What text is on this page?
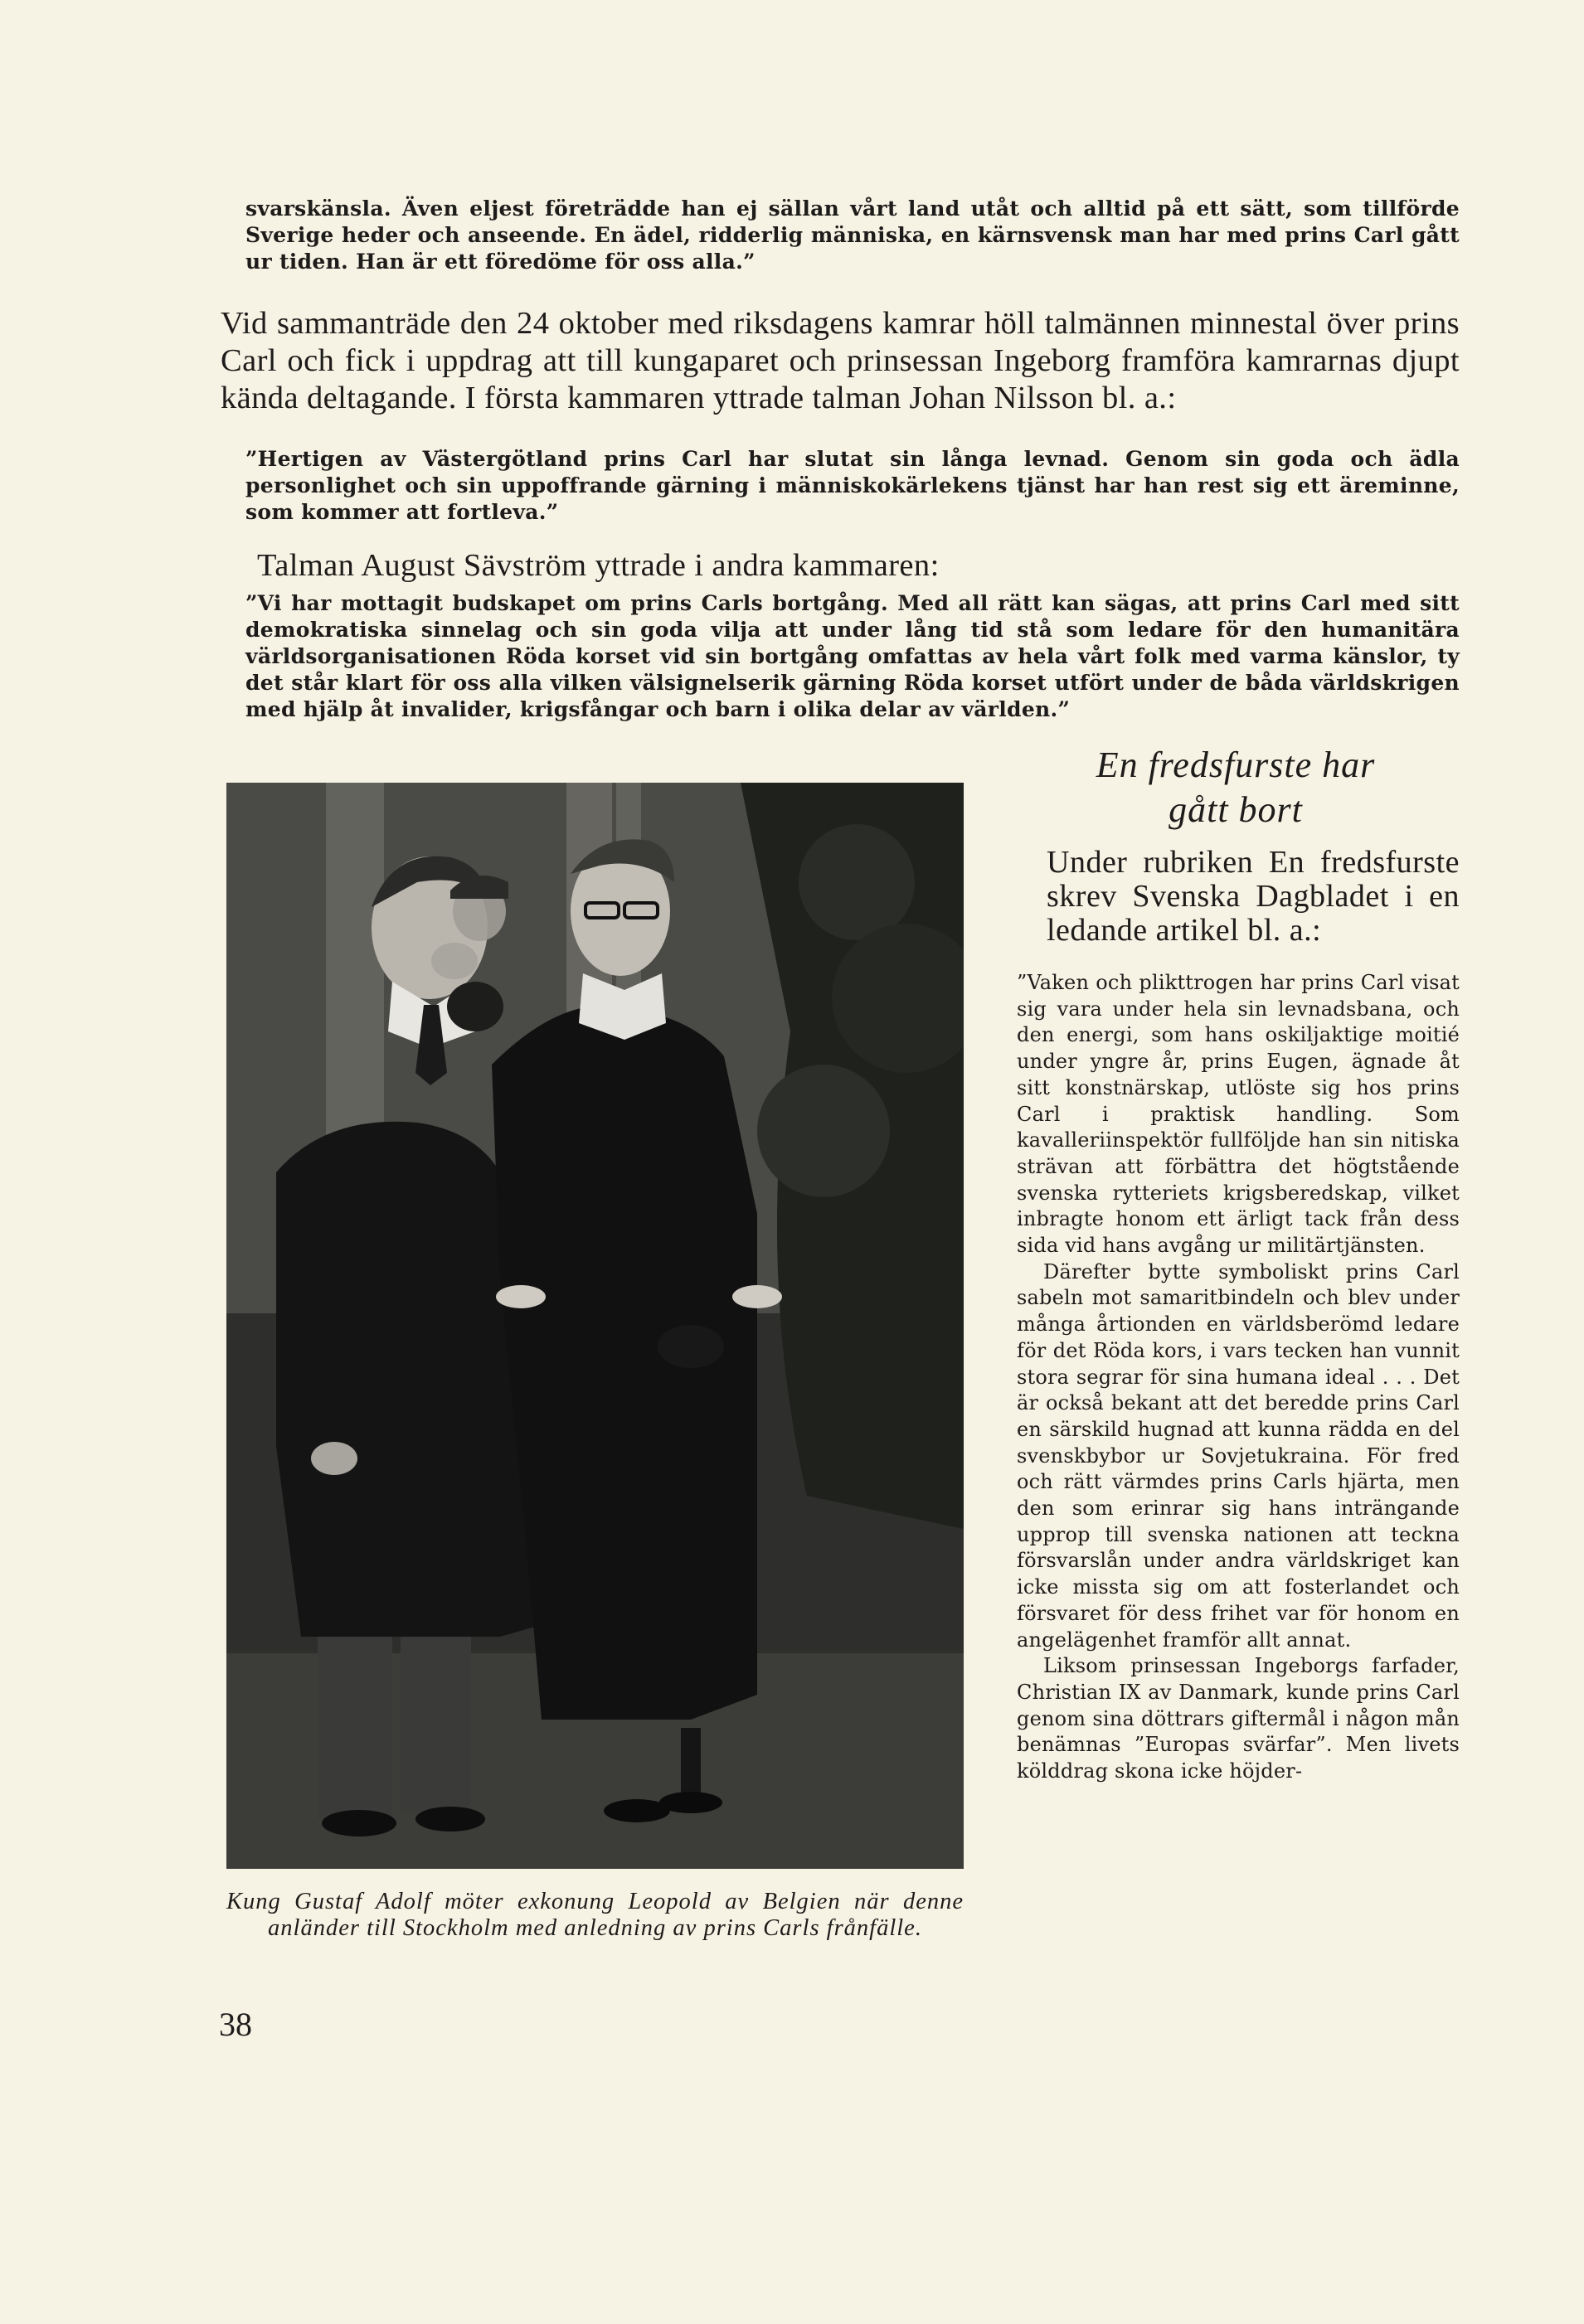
svarskänsla. Även eljest företrädde han ej sällan vårt land utåt och alltid på ett sätt, som tillförde Sverige heder och anseende. En ädel, ridderlig människa, en kärnsvensk man har med prins Carl gått ur tiden. Han är ett föredöme för oss alla.”

Vid sammanträde den 24 oktober med riksdagens kamrar höll talmännen minnestal över prins Carl och fick i uppdrag att till kungaparet och prinsessan Ingeborg framföra kamrarnas djupt kända deltagande. I första kammaren yttrade talman Johan Nilsson bl. a.:

”Hertigen av Västergötland prins Carl har slutat sin långa levnad. Genom sin goda och ädla personlighet och sin uppoffrande gärning i människokärlekens tjänst har han rest sig ett äreminne, som kommer att fortleva.”

Talman August Sävström yttrade i andra kammaren:

”Vi har mottagit budskapet om prins Carls bortgång. Med all rätt kan sägas, att prins Carl med sitt demokratiska sinnelag och sin goda vilja att under lång tid stå som ledare för den humanitära världsorganisationen Röda korset vid sin bortgång omfattas av hela vårt folk med varma känslor, ty det står klart för oss alla vilken välsignelserik gärning Röda korset utfört under de båda världskrigen med hjälp åt invalider, krigsfångar och barn i olika delar av världen.”

Kung Gustaf Adolf möter exkonung Leopold av Belgien när denne anländer till Stockholm med anledning av prins Carls frånfälle.

En fredsfurste har

gått bort

Under rubriken En fredsfurste skrev Svenska Dagbladet i en ledande artikel bl. a.:

”Vaken och plikttrogen har prins Carl visat sig vara under hela sin levnadsbana, och den energi, som hans oskiljaktige moitié under yngre år, prins Eugen, ägnade åt sitt konstnärskap, utlöste sig hos prins Carl i praktisk handling. Som kavalleriinspektör fullföljde han sin nitiska strävan att förbättra det högtstående svenska rytteriets krigsberedskap, vilket inbragte honom ett ärligt tack från dess sida vid hans avgång ur militärtjänsten.

Därefter bytte symboliskt prins Carl sabeln mot samaritbindeln och blev under många årtionden en världsberömd ledare för det Röda kors, i vars tecken han vunnit stora segrar för sina humana ideal . . . Det är också bekant att det beredde prins Carl en särskild hugnad att kunna rädda en del svenskbybor ur Sovjetukraina. För fred och rätt värmdes prins Carls hjärta, men den som erinrar sig hans inträngande upprop till svenska nationen att teckna försvarslån under andra världskriget kan icke missta sig om att fosterlandet och försvaret för dess frihet var för honom en angelägenhet framför allt annat.

Liksom prinsessan Ingeborgs farfader, Christian IX av Danmark, kunde prins Carl genom sina döttrars giftermål i någon mån benämnas ”Europas svärfar”. Men livets kölddrag skona icke höjder-

38
